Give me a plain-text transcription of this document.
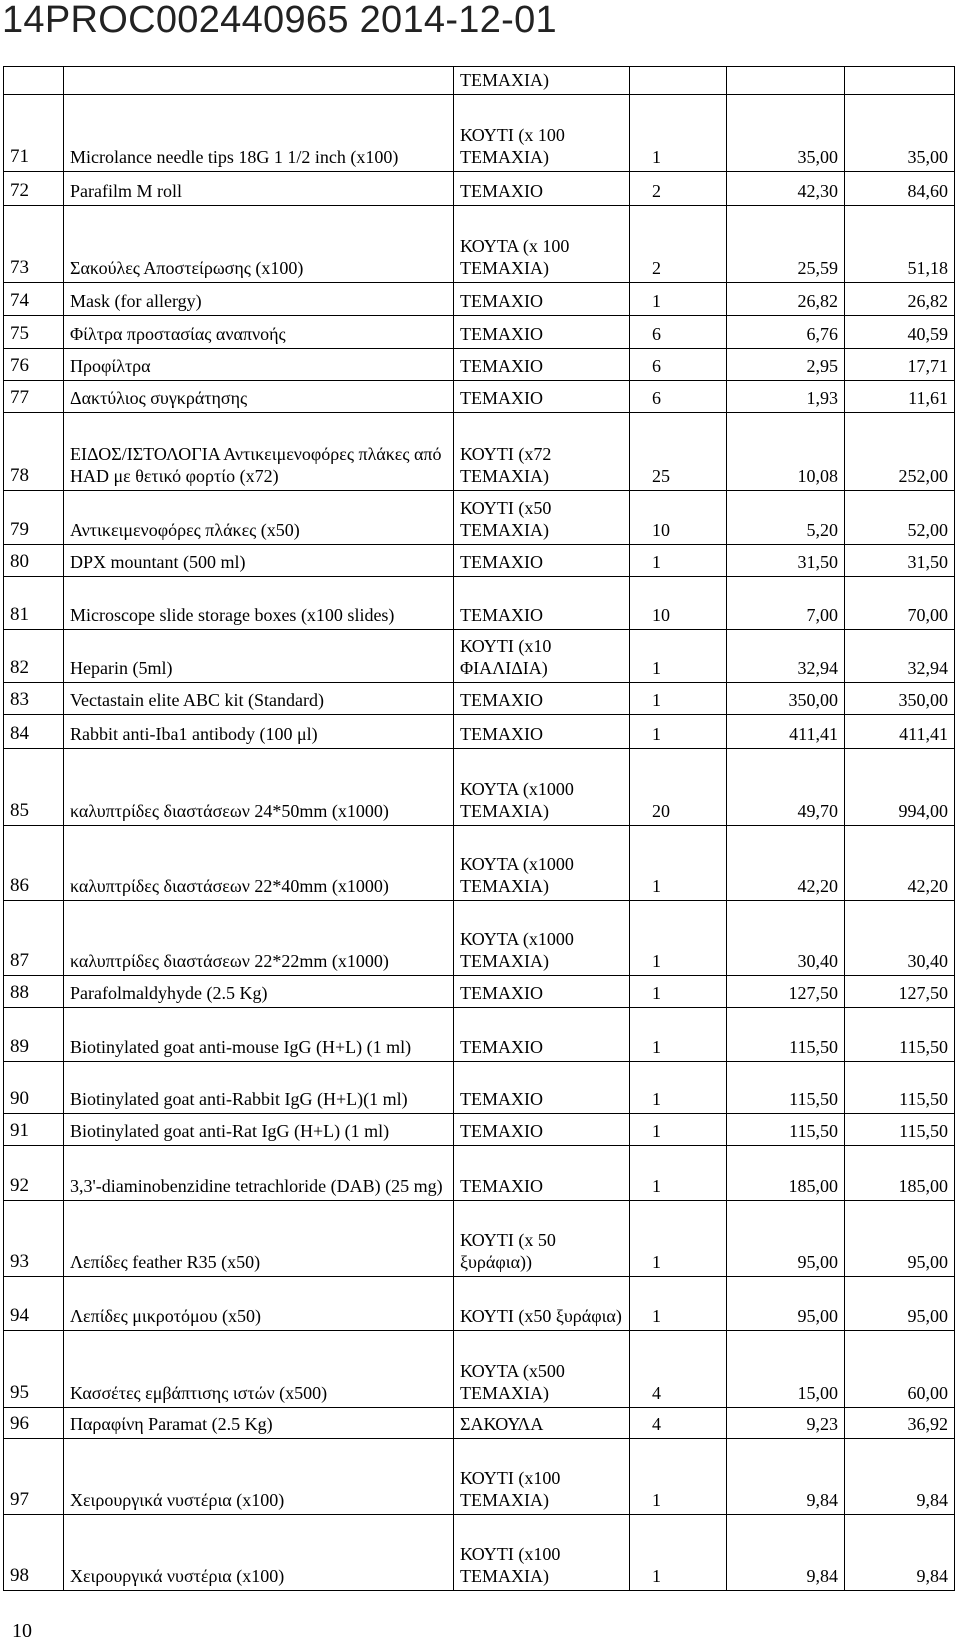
14PROC002440965 2014-12-01
		ΤΕΜΑΧΙΑ)			
71	Microlance needle tips 18G 1 1/2 inch (x100)	ΚΟΥΤΙ (x 100 ΤΕΜΑΧΙΑ)	1	35,00	35,00
72	Parafilm M roll	ΤΕΜΑΧΙΟ	2	42,30	84,60
73	Σακούλες Αποστείρωσης (x100)	ΚΟΥΤΑ (x 100 ΤΕΜΑΧΙΑ)	2	25,59	51,18
74	Mask (for allergy)	ΤΕΜΑΧΙΟ	1	26,82	26,82
75	Φίλτρα προστασίας αναπνοής	ΤΕΜΑΧΙΟ	6	6,76	40,59
76	Προφίλτρα	ΤΕΜΑΧΙΟ	6	2,95	17,71
77	Δακτύλιος συγκράτησης	ΤΕΜΑΧΙΟ	6	1,93	11,61
78	ΕΙΔΟΣ/ΙΣΤΟΛΟΓΙΑ Αντικειμενοφόρες πλάκες από HAD με θετικό φορτίο (x72)	ΚΟΥΤΙ (x72 ΤΕΜΑΧΙΑ)	25	10,08	252,00
79	Αντικειμενοφόρες πλάκες (x50)	ΚΟΥΤΙ (x50 ΤΕΜΑΧΙΑ)	10	5,20	52,00
80	DPX mountant (500 ml)	ΤΕΜΑΧΙΟ	1	31,50	31,50
81	Microscope slide storage boxes (x100 slides)	ΤΕΜΑΧΙΟ	10	7,00	70,00
82	Heparin (5ml)	ΚΟΥΤΙ (x10 ΦΙΑΛΙΔΙΑ)	1	32,94	32,94
83	Vectastain elite ABC kit (Standard)	ΤΕΜΑΧΙΟ	1	350,00	350,00
84	Rabbit anti-Iba1 antibody (100 μl)	ΤΕΜΑΧΙΟ	1	411,41	411,41
85	καλυπτρίδες διαστάσεων 24*50mm (x1000)	ΚΟΥΤΑ (x1000 ΤΕΜΑΧΙΑ)	20	49,70	994,00
86	καλυπτρίδες διαστάσεων 22*40mm (x1000)	ΚΟΥΤΑ (x1000 ΤΕΜΑΧΙΑ)	1	42,20	42,20
87	καλυπτρίδες διαστάσεων 22*22mm (x1000)	ΚΟΥΤΑ (x1000 ΤΕΜΑΧΙΑ)	1	30,40	30,40
88	Parafolmaldyhyde (2.5 Kg)	ΤΕΜΑΧΙΟ	1	127,50	127,50
89	Biotinylated goat anti-mouse IgG (H+L) (1 ml)	ΤΕΜΑΧΙΟ	1	115,50	115,50
90	Biotinylated goat anti-Rabbit IgG (H+L)(1 ml)	ΤΕΜΑΧΙΟ	1	115,50	115,50
91	Biotinylated goat anti-Rat IgG (H+L) (1 ml)	ΤΕΜΑΧΙΟ	1	115,50	115,50
92	3,3'-diaminobenzidine tetrachloride (DAB) (25 mg)	ΤΕΜΑΧΙΟ	1	185,00	185,00
93	Λεπίδες feather R35 (x50)	ΚΟΥΤΙ (x 50 ξυράφια))	1	95,00	95,00
94	Λεπίδες μικροτόμου (x50)	ΚΟΥΤΙ (x50 ξυράφια)	1	95,00	95,00
95	Κασσέτες εμβάπτισης ιστών (x500)	ΚΟΥΤΑ (x500 ΤΕΜΑΧΙΑ)	4	15,00	60,00
96	Παραφίνη Paramat (2.5 Kg)	ΣΑΚΟΥΛΑ	4	9,23	36,92
97	Χειρουργικά νυστέρια (x100)	ΚΟΥΤΙ (x100 ΤΕΜΑΧΙΑ)	1	9,84	9,84
98	Χειρουργικά νυστέρια (x100)	ΚΟΥΤΙ (x100 ΤΕΜΑΧΙΑ)	1	9,84	9,84
10
